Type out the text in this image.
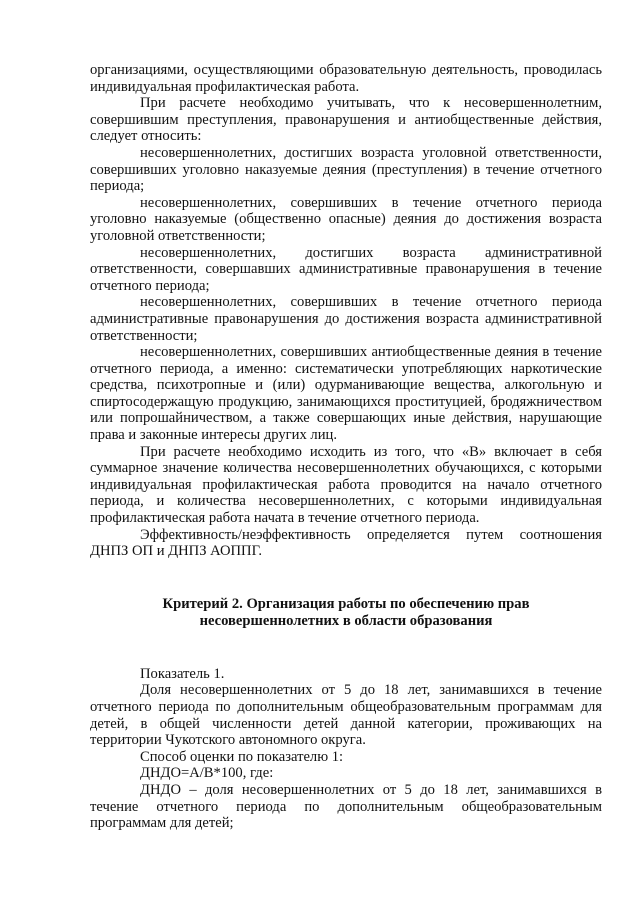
организациями, осуществляющими образовательную деятельность, проводилась индивидуальная профилактическая работа.

При расчете необходимо учитывать, что к несовершеннолетним, совершившим преступления, правонарушения и антиобщественные действия, следует относить:

несовершеннолетних, достигших возраста уголовной ответственности, совершивших уголовно наказуемые деяния (преступления) в течение отчетного периода;

несовершеннолетних, совершивших в течение отчетного периода уголовно наказуемые (общественно опасные) деяния до достижения возраста уголовной ответственности;

несовершеннолетних, достигших возраста административной ответственности, совершавших административные правонарушения в течение отчетного периода;

несовершеннолетних, совершивших в течение отчетного периода административные правонарушения до достижения возраста административной ответственности;

несовершеннолетних, совершивших антиобщественные деяния в течение отчетного периода, а именно: систематически употребляющих наркотические средства, психотропные и (или) одурманивающие вещества, алкогольную и спиртосодержащую продукцию, занимающихся проституцией, бродяжничеством или попрошайничеством, а также совершающих иные действия, нарушающие права и законные интересы других лиц.

При расчете необходимо исходить из того, что «B» включает в себя суммарное значение количества несовершеннолетних обучающихся, с которыми индивидуальная профилактическая работа проводится на начало отчетного периода, и количества несовершеннолетних, с которыми индивидуальная профилактическая работа начата в течение отчетного периода.

Эффективность/неэффективность определяется путем соотношения ДНПЗ ОП и ДНПЗ АОППГ.

Критерий 2. Организация работы по обеспечению прав
несовершеннолетних в области образования

Показатель 1.

Доля несовершеннолетних от 5 до 18 лет, занимавшихся в течение отчетного периода по дополнительным общеобразовательным программам для детей, в общей численности детей данной категории, проживающих на территории Чукотского автономного округа.

Способ оценки по показателю 1:

ДНДО=А/В*100, где:

ДНДО – доля несовершеннолетних от 5 до 18 лет, занимавшихся в течение отчетного периода по дополнительным общеобразовательным программам для детей;
